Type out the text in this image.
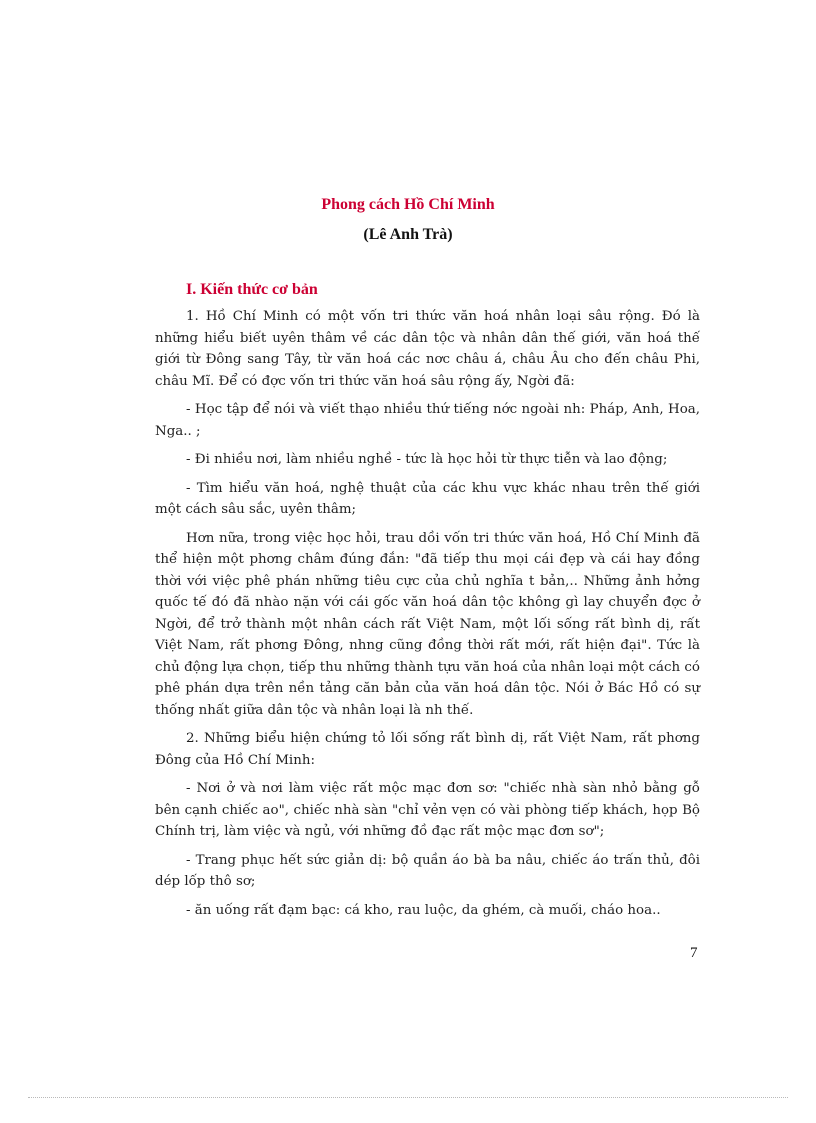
Phong cách Hồ Chí Minh
(Lê Anh Trà)
I. Kiến thức cơ bản

1. Hồ Chí Minh có một vốn tri thức văn hoá nhân loại sâu rộng. Đó là những hiểu biết uyên thâm về các dân tộc và nhân dân thế giới, văn hoá thế giới từ Đông sang Tây, từ văn hoá các nơc châu á, châu Âu cho đến châu Phi, châu Mĩ. Để có đợc vốn tri thức văn hoá sâu rộng ấy, Ngời đã:

- Học tập để nói và viết thạo nhiều thứ tiếng nớc ngoài nh: Pháp, Anh, Hoa, Nga.. ;

- Đi nhiều nơi, làm nhiều nghề - tức là học hỏi từ thực tiễn và lao động;

- Tìm hiểu văn hoá, nghệ thuật của các khu vực khác nhau trên thế giới một cách sâu sắc, uyên thâm;

Hơn nữa, trong việc học hỏi, trau dồi vốn tri thức văn hoá, Hồ Chí Minh đã thể hiện một phơng châm đúng đắn: "đã tiếp thu mọi cái đẹp và cái hay đồng thời với việc phê phán những tiêu cực của chủ nghĩa t bản,.. Những ảnh hởng quốc tế đó đã nhào nặn với cái gốc văn hoá dân tộc không gì lay chuyển đợc ở Ngời, để trở thành một nhân cách rất Việt Nam, một lối sống rất bình dị, rất Việt Nam, rất phơng Đông, nhng cũng đồng thời rất mới, rất hiện đại". Tức là chủ động lựa chọn, tiếp thu những thành tựu văn hoá của nhân loại một cách có phê phán dựa trên nền tảng căn bản của văn hoá dân tộc. Nói ở Bác Hồ có sự thống nhất giữa dân tộc và nhân loại là nh thế.

2. Những biểu hiện chứng tỏ lối sống rất bình dị, rất Việt Nam, rất phơng Đông của Hồ Chí Minh:

- Nơi ở và nơi làm việc rất mộc mạc đơn sơ: "chiếc nhà sàn nhỏ bằng gỗ bên cạnh chiếc ao", chiếc nhà sàn "chỉ vẻn vẹn có vài phòng tiếp khách, họp Bộ Chính trị, làm việc và ngủ, với những đồ đạc rất mộc mạc đơn sơ";

- Trang phục hết sức giản dị: bộ quần áo bà ba nâu, chiếc áo trấn thủ, đôi dép lốp thô sơ;

- ăn uống rất đạm bạc: cá kho, rau luộc, da ghém, cà muối, cháo hoa..

7
